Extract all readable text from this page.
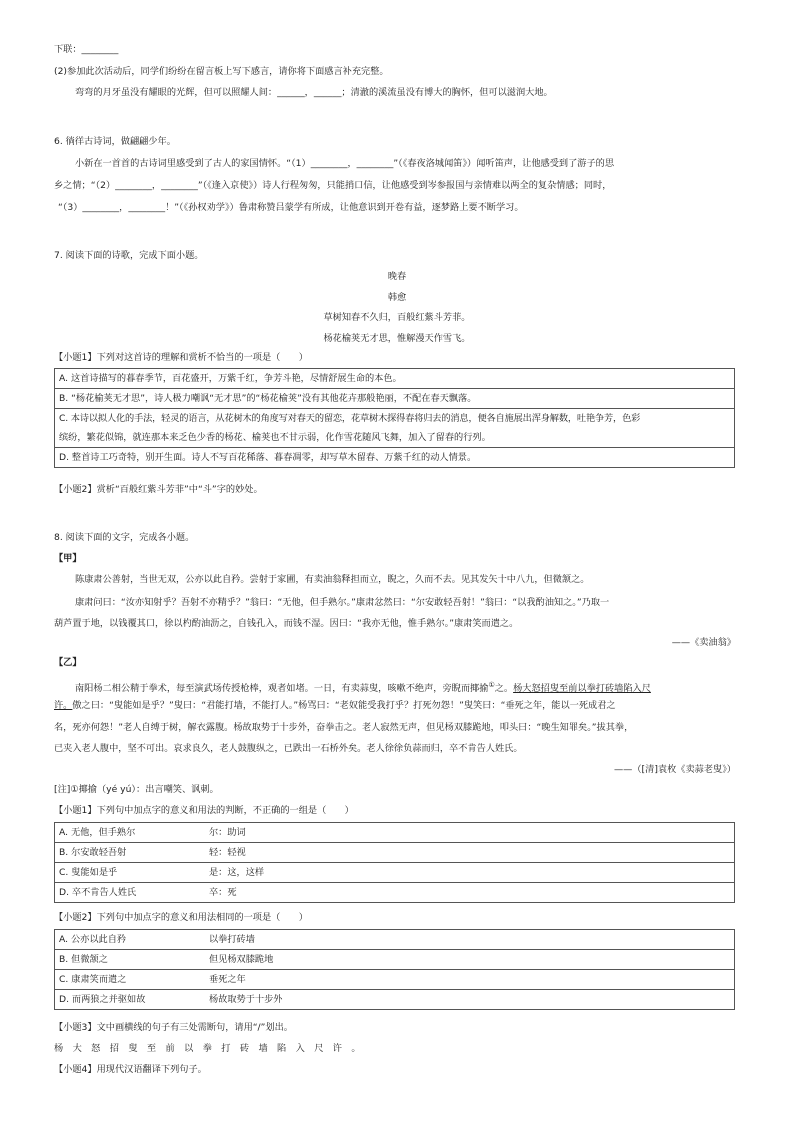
下联：________
(2)参加此次活动后，同学们纷纷在留言板上写下感言，请你将下面感言补充完整。
弯弯的月牙虽没有耀眼的光辉，但可以照耀人间：______，______；清澈的溪流虽没有博大的胸怀，但可以滋润大地。
6. 徜徉古诗词，做翩翩少年。
小新在一首首的古诗词里感受到了古人的家国情怀。“（1）________，________”（《春夜洛城闻笛》）闻听笛声，让他感受到了游子的思
乡之情；“（2）________，________”（《逢入京使》）诗人行程匆匆，只能捎口信，让他感受到岑参报国与亲情难以两全的复杂情感；同时，
“（3）________，________！”（《孙权劝学》）鲁肃称赞吕蒙学有所成，让他意识到开卷有益，逐梦路上要不断学习。
7. 阅读下面的诗歌，完成下面小题。
晚春
韩愈
草树知春不久归，百般红紫斗芳菲。
杨花榆荚无才思，惟解漫天作雪飞。
【小题1】下列对这首诗的理解和赏析不恰当的一项是（　　）
A. 这首诗描写的暮春季节，百花盛开，万紫千红，争芳斗艳，尽情舒展生命的本色。
B. “杨花榆荚无才思”，诗人极力嘲讽“无才思”的“杨花榆荚”没有其他花卉那般艳丽，不配在春天飘落。

C. 本诗以拟人化的手法，轻灵的语言，从花树木的角度写对春天的留恋，花草树木探得春将归去的消息，便各自施展出浑身解数，吐艳争芳，色彩
缤纷，繁花似锦，就连那本来乏色少香的杨花、榆荚也不甘示弱，化作雪花随风飞舞，加入了留春的行列。

D. 整首诗工巧奇特，别开生面。诗人不写百花稀落、暮春凋零，却写草木留春、万紫千红的动人情景。
【小题2】赏析“百般红紫斗芳菲”中“斗”字的妙处。
8. 阅读下面的文字，完成各小题。
【甲】
陈康肃公善射，当世无双，公亦以此自矜。尝射于家圃，有卖油翁释担而立，睨之，久而不去。见其发矢十中八九，但微颔之。
康肃问曰：“汝亦知射乎？吾射不亦精乎？”翁曰：“无他，但手熟尔。”康肃忿然曰：“尔安敢轻吾射！”翁曰：“以我酌油知之。”乃取一
葫芦置于地，以钱覆其口，徐以杓酌油沥之，自钱孔入，而钱不湿。因曰：“我亦无他，惟手熟尔。”康肃笑而遣之。
——《卖油翁》
【乙】
南阳杨二相公精于拳术，每至演武场传授枪棒，观者如堵。一日，有卖蒜叟，咳嗽不绝声，旁睨而揶揄①之。杨大怒招叟至前以拳打砖墙陷入尺
许。傲之曰：“叟能如是乎？”叟曰：“君能打墙，不能打人。”杨骂曰：“老奴能受我打乎？打死勿怨！”叟笑曰：“垂死之年，能以一死成君之
名，死亦何怨！”老人自缚于树，解衣露腹。杨故取势于十步外，奋拳击之。老人寂然无声，但见杨双膝跪地，叩头曰：“晚生知罪矣。”拔其拳，
已夹入老人腹中，坚不可出。哀求良久，老人鼓腹纵之，已跌出一石桥外矣。老人徐徐负蒜而归，卒不肯告人姓氏。
——（[清]袁枚《卖蒜老叟》）
[注]①揶揄（yé yú）：出言嘲笑、讽刺。
【小题1】下列句中加点字的意义和用法的判断，不正确的一组是（　　）
A. 无他，但手熟尔	尔：助词
B. 尔安敢轻吾射	轻：轻视
C. 叟能如是乎	是：这，这样
D. 卒不肯告人姓氏	卒：死
【小题2】下列句中加点字的意义和用法相同的一项是（　　）
A. 公亦以此自矜	以拳打砖墙
B. 但微颔之	但见杨双膝跪地
C. 康肃笑而遣之	垂死之年
D. 而两狼之并驱如故	杨故取势于十步外
【小题3】文中画横线的句子有三处需断句，请用“/”划出。
杨大怒招叟至前以拳打砖墙陷入尺许。
【小题4】用现代汉语翻译下列句子。
